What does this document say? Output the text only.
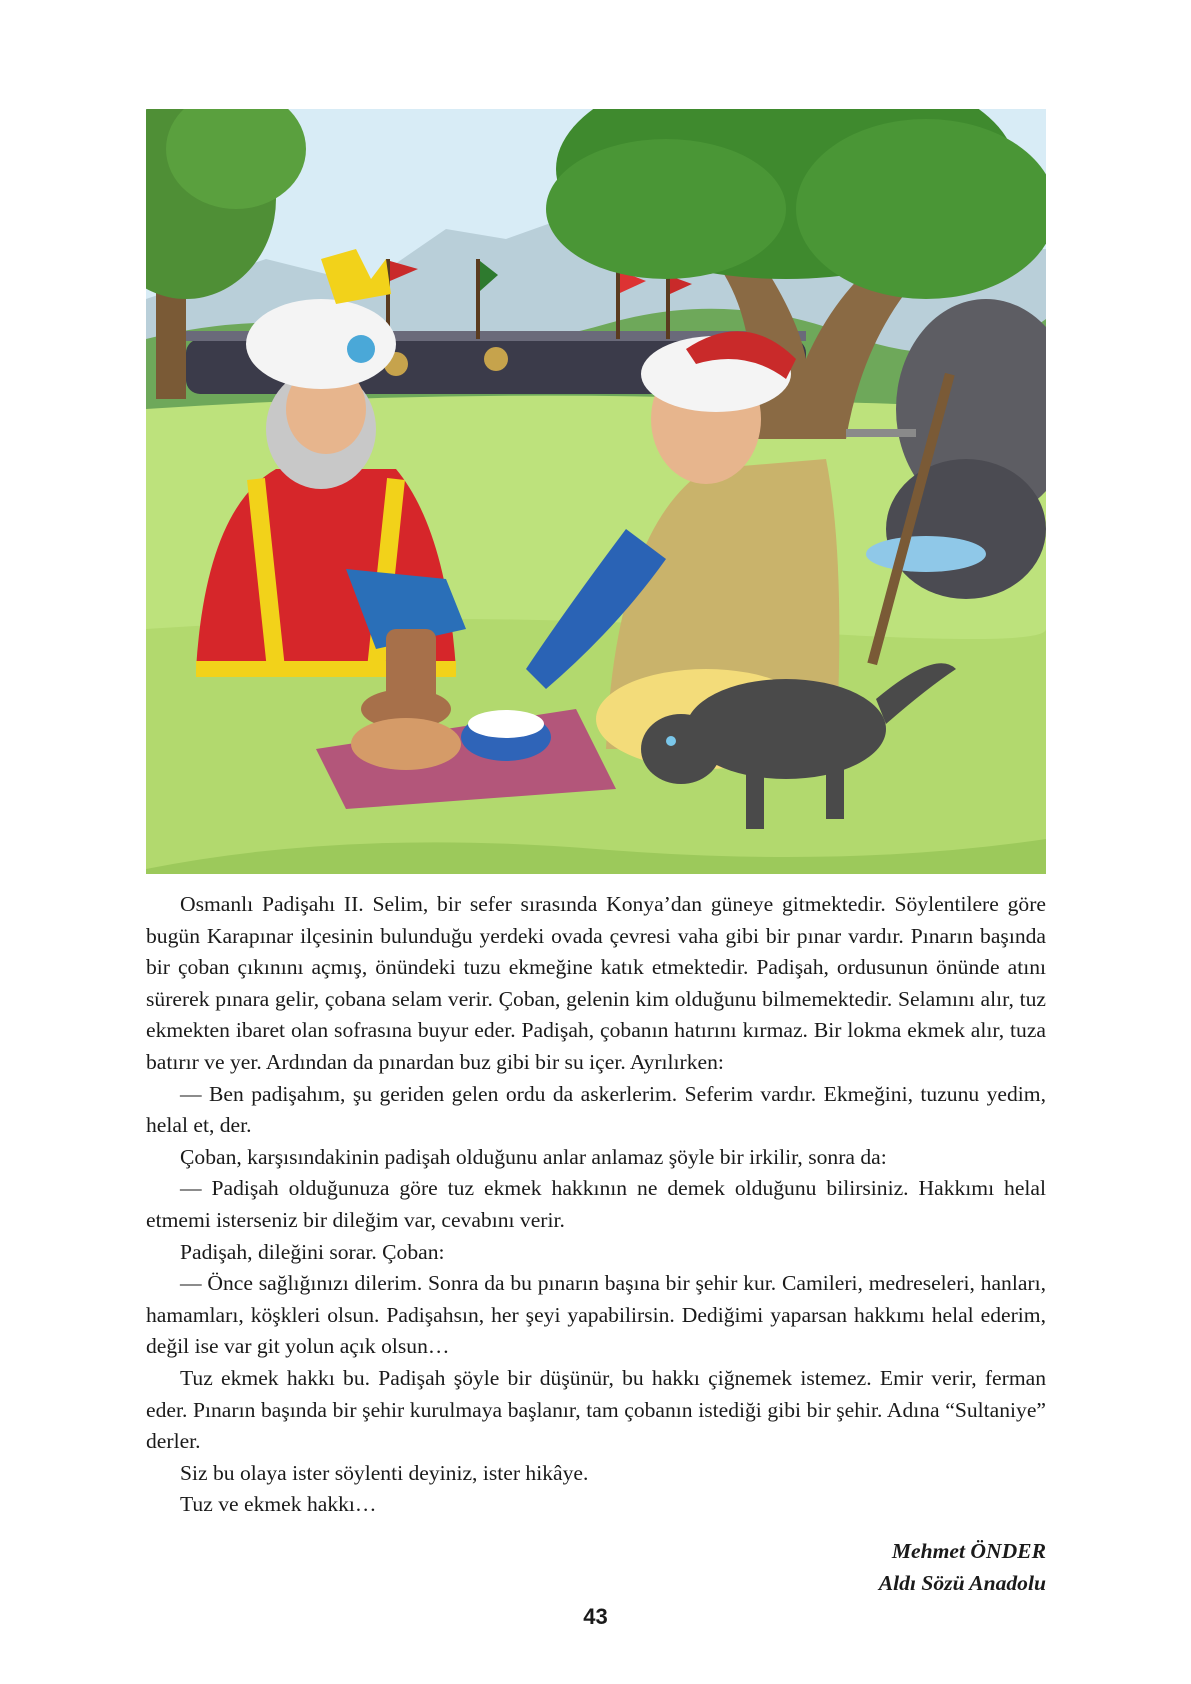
Osmanlı Padişahı II. Selim, bir sefer sırasında Konya’dan güneye gitmektedir. Söylentilere göre bugün Karapınar ilçesinin bulunduğu yerdeki ovada çevresi vaha gibi bir pınar vardır. Pınarın başında bir çoban çıkınını açmış, önündeki tuzu ekmeğine katık etmektedir. Padişah, ordusunun önünde atını sürerek pınara gelir, çobana selam verir. Çoban, gelenin kim olduğunu bilmemektedir. Selamını alır, tuz ekmekten ibaret olan sofrasına buyur eder. Padişah, çobanın hatırını kırmaz. Bir lokma ekmek alır, tuza batırır ve yer. Ardından da pınardan buz gibi bir su içer. Ayrılırken:

— Ben padişahım, şu geriden gelen ordu da askerlerim. Seferim vardır. Ekmeğini, tuzunu yedim, helal et, der.

Çoban, karşısındakinin padişah olduğunu anlar anlamaz şöyle bir irkilir, sonra da:

— Padişah olduğunuza göre tuz ekmek hakkının ne demek olduğunu bilirsiniz. Hakkımı helal etmemi isterseniz bir dileğim var, cevabını verir.

Padişah, dileğini sorar. Çoban:

— Önce sağlığınızı dilerim. Sonra da bu pınarın başına bir şehir kur. Camileri, medreseleri, hanları, hamamları, köşkleri olsun. Padişahsın, her şeyi yapabilirsin. Dediğimi yaparsan hakkımı helal ederim, değil ise var git yolun açık olsun…

Tuz ekmek hakkı bu. Padişah şöyle bir düşünür, bu hakkı çiğnemek istemez. Emir verir, ferman eder. Pınarın başında bir şehir kurulmaya başlanır, tam çobanın istediği gibi bir şehir. Adına “Sultaniye” derler.

Siz bu olaya ister söylenti deyiniz, ister hikâye.

Tuz ve ekmek hakkı…

Mehmet ÖNDER
Aldı Sözü Anadolu
43
